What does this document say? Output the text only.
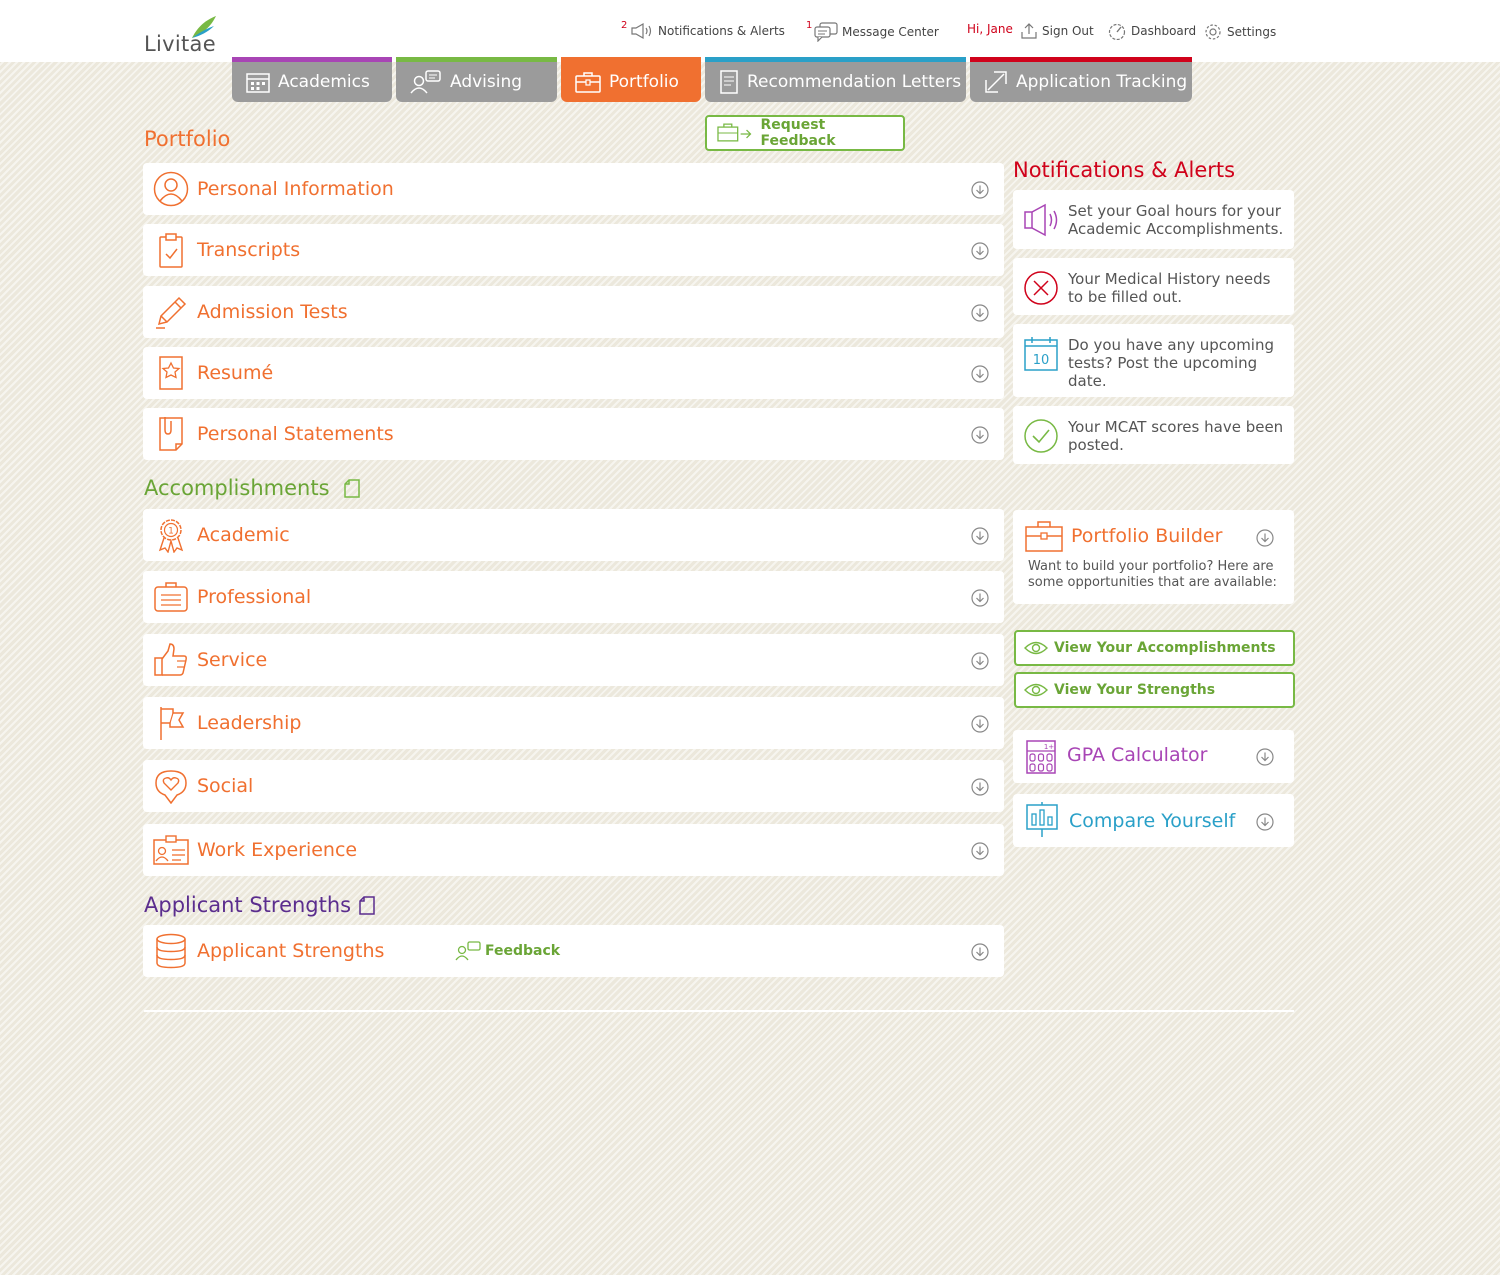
Livitae
2	Notifications & Alerts 1 Message Center Hi, Jane Sign Out	Dashboard	Settings
Academics	Advising	Portfolio	Recommendation Letters	Application Tracking
Portfolio
Request Feedback
Personal Information
Transcripts
Admission Tests
Resumé
Personal Statements
Accomplishments
1 Academic
Professional
Service
Leadership
Social
Work Experience
Applicant Strengths
Applicant Strengths	Feedback
Notifications & Alerts
Set your Goal hours for your Academic Accomplishments.
Your Medical History needs to be filled out.
10
Do you have any upcoming tests? Post the upcoming date.
Your MCAT scores have been posted.
Portfolio Builder
Want to build your portfolio? Here are some opportunities that are available:
View Your Accomplishments
View Your Strengths
1+ GPA Calculator
Compare Yourself
